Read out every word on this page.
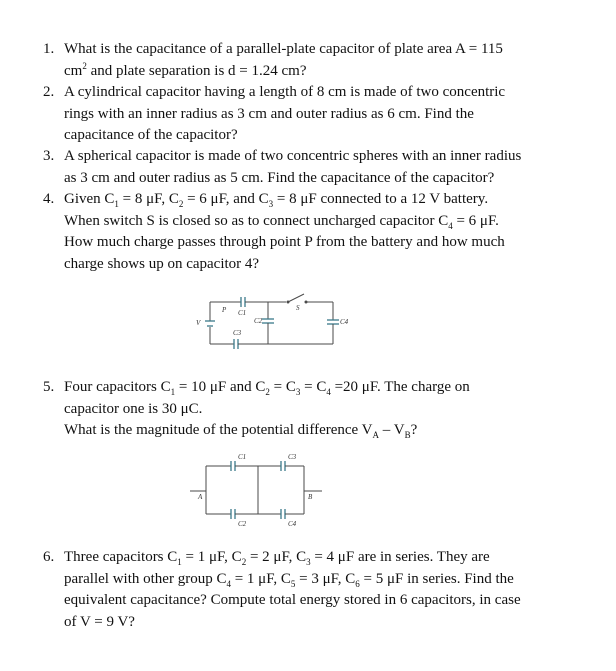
1. What is the capacitance of a parallel-plate capacitor of plate area A = 115
$cm^2$ and plate separation is d = 1.24 cm?
2. A cylindrical capacitor having a length of 8 cm is made of two concentric
rings with an inner radius as 3 cm and outer radius as 6 cm. Find the
capacitance of the capacitor?
3. A spherical capacitor is made of two concentric spheres with an inner radius
as 3 cm and outer radius as 5 cm. Find the capacitance of the capacitor?
4. Given $C_1 = 8$ μF, $C_2 = 6$ μF, and $C_3 = 8$ μF connected to a 12 V battery.
When switch S is closed so as to connect uncharged capacitor $C_4 = 6$ μF.
How much charge passes through point P from the battery and how much
charge shows up on capacitor 4?
P C1
C2
C3
C4
V
S
5. Four capacitors $C_1 = 10$ μF and $C_2 = C_3 = C_4 =20$ μF. The charge on
capacitor one is 30 μC.
What is the magnitude of the potential difference $V_A - V_B$?
A	B
C1	C3
C2	C4
6. Three capacitors $C_1 = 1$ μF, $C_2 = 2$ μF, $C_3 = 4$ μF are in series. They are
parallel with other group $C_4 = 1$ μF, $C_5 = 3$ μF, $C_6 = 5$ μF in series. Find the
equivalent capacitance? Compute total energy stored in 6 capacitors, in case
of V = 9 V?
